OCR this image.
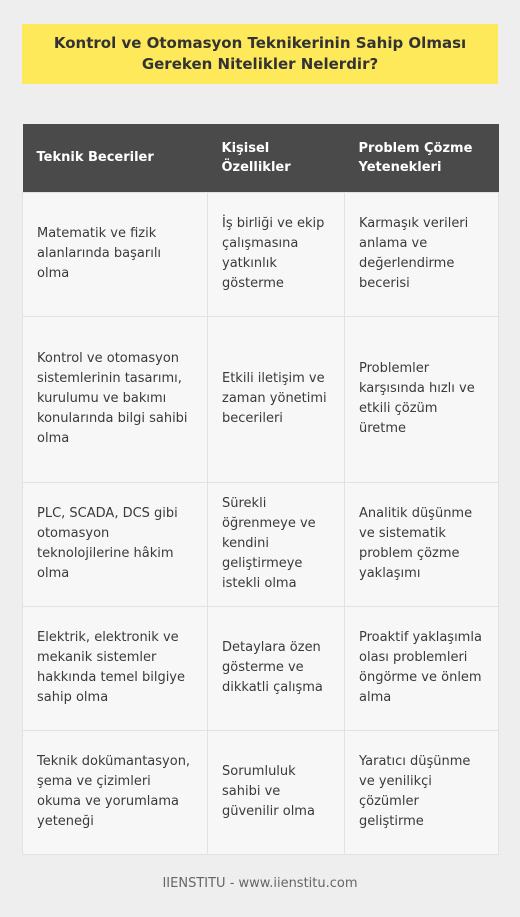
Kontrol ve Otomasyon Teknikerinin Sahip Olması Gereken Nitelikler Nelerdir?
Teknik Beceriler	Kişisel Özellikler	Problem Çözme Yetenekleri
Matematik ve fizik alanlarında başarılı olma	İş birliği ve ekip çalışmasına yatkınlık gösterme	Karmaşık verileri anlama ve değerlendirme becerisi
Kontrol ve otomasyon sistemlerinin tasarımı, kurulumu ve bakımı konularında bilgi sahibi olma	Etkili iletişim ve zaman yönetimi becerileri	Problemler karşısında hızlı ve etkili çözüm üretme
PLC, SCADA, DCS gibi otomasyon teknolojilerine hâkim olma	Sürekli öğrenmeye ve kendini geliştirmeye istekli olma	Analitik düşünme ve sistematik problem çözme yaklaşımı
Elektrik, elektronik ve mekanik sistemler hakkında temel bilgiye sahip olma	Detaylara özen gösterme ve dikkatli çalışma	Proaktif yaklaşımla olası problemleri öngörme ve önlem alma
Teknik dokümantasyon, şema ve çizimleri okuma ve yorumlama yeteneği	Sorumluluk sahibi ve güvenilir olma	Yaratıcı düşünme ve yenilikçi çözümler geliştirme
IIENSTITU - www.iienstitu.com
